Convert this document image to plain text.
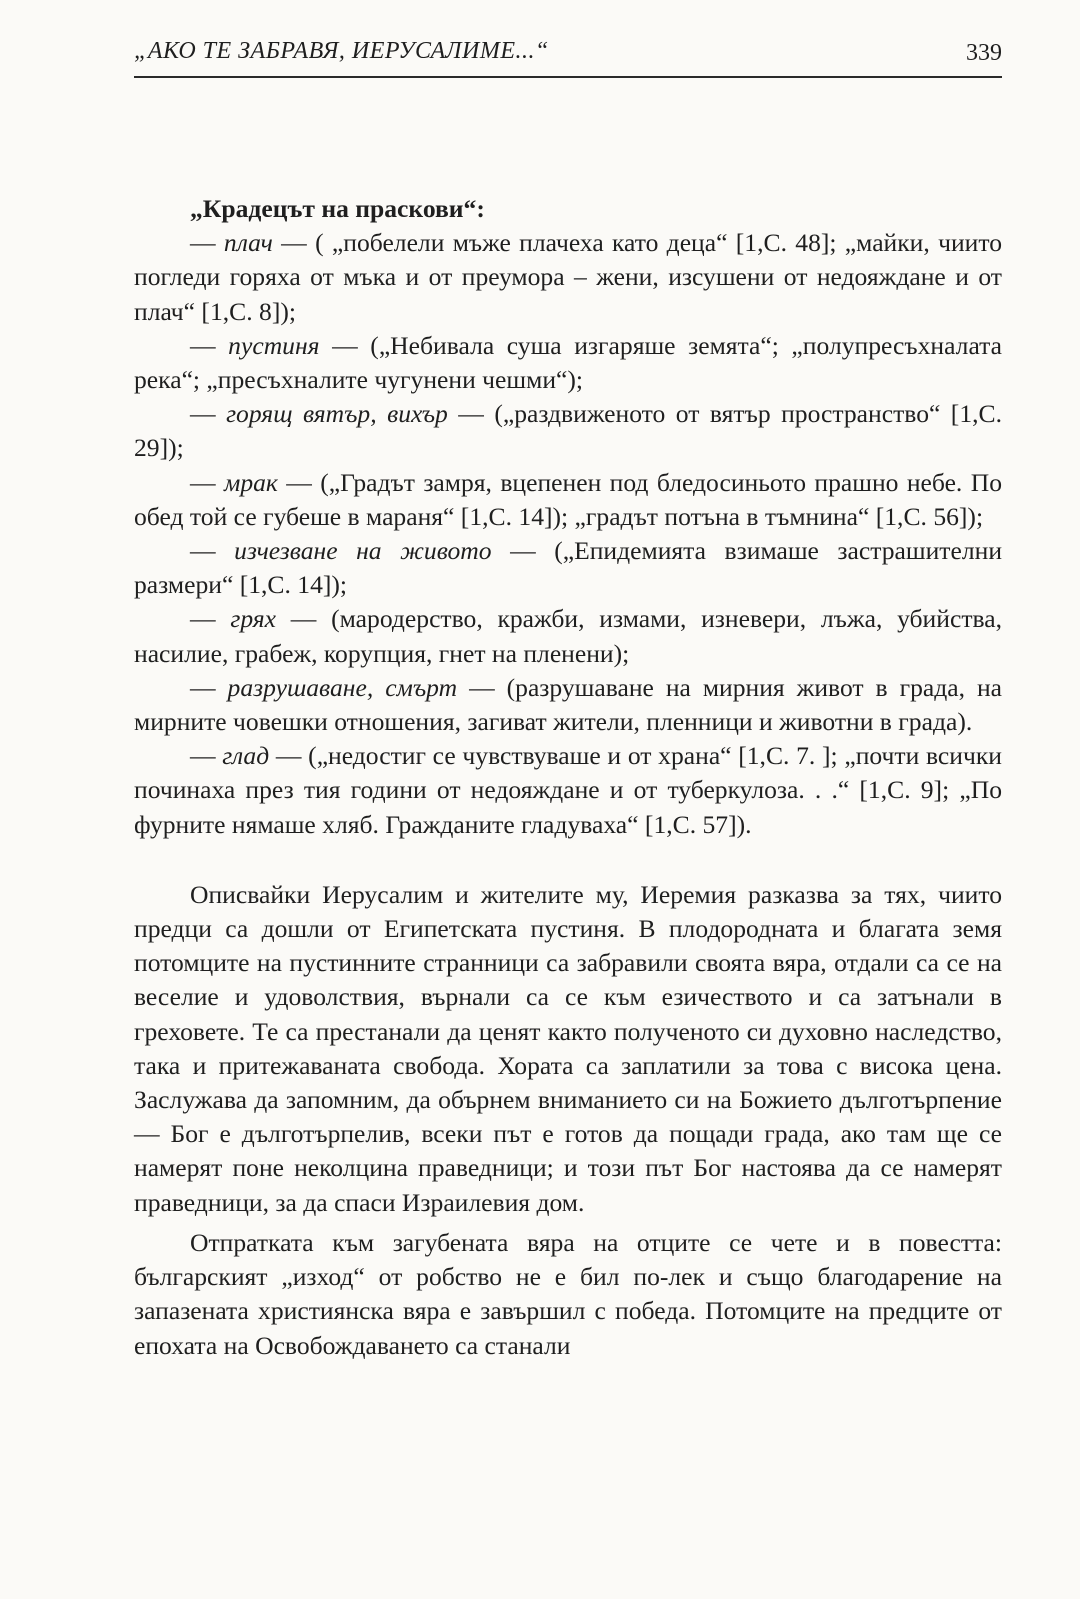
„АКО ТЕ ЗАБРАВЯ, ИЕРУСАЛИМЕ...“	339

„Крадецът на праскови“:

— плач — ( „побелели мъже плачеха като деца“ [1,С. 48]; „майки, чиито погледи горяха от мъка и от преумора – жени, изсушени от недояждане и от плач“ [1,С. 8]);

— пустиня — („Небивала суша изгаряше земята“; „полупресъхналата река“; „пресъхналите чугунени чешми“);

— горящ вятър, вихър — („раздвиженото от вятър пространство“ [1,С. 29]);

— мрак — („Градът замря, вцепенен под бледосиньото прашно небе. По обед той се губеше в мараня“ [1,С. 14]); „градът потъна в тъмнина“ [1,С. 56]);

— изчезване на живото — („Епидемията взимаше застрашителни размери“ [1,С. 14]);

— грях — (мародерство, кражби, измами, изневери, лъжа, убийства, насилие, грабеж, корупция, гнет на пленени);

— разрушаване, смърт — (разрушаване на мирния живот в града, на мирните човешки отношения, загиват жители, пленници и животни в града).

— глад — („недостиг се чувствуваше и от храна“ [1,С. 7. ]; „почти всички починаха през тия години от недояждане и от туберкулоза. . .“ [1,С. 9]; „По фурните нямаше хляб. Гражданите гладуваха“ [1,С. 57]).

Описвайки Иерусалим и жителите му, Иеремия разказва за тях, чиито предци са дошли от Египетската пустиня. В плодородната и благата земя потомците на пустинните странници са забравили своята вяра, отдали са се на веселие и удоволствия, върнали са се към езичеството и са затънали в греховете. Те са престанали да ценят както полученото си духовно наследство, така и притежаваната свобода. Хората са заплатили за това с висока цена. Заслужава да запомним, да обърнем вниманието си на Божието дълготърпение — Бог е дълготърпелив, всеки път е готов да пощади града, ако там ще се намерят поне неколцина праведници; и този път Бог настоява да се намерят праведници, за да спаси Израилевия дом.

Отпратката към загубената вяра на отците се чете и в повестта: българският „изход“ от робство не е бил по-лек и също благодарение на запазената християнска вяра е завършил с победа. Потомците на предците от епохата на Освобождаването са станали
